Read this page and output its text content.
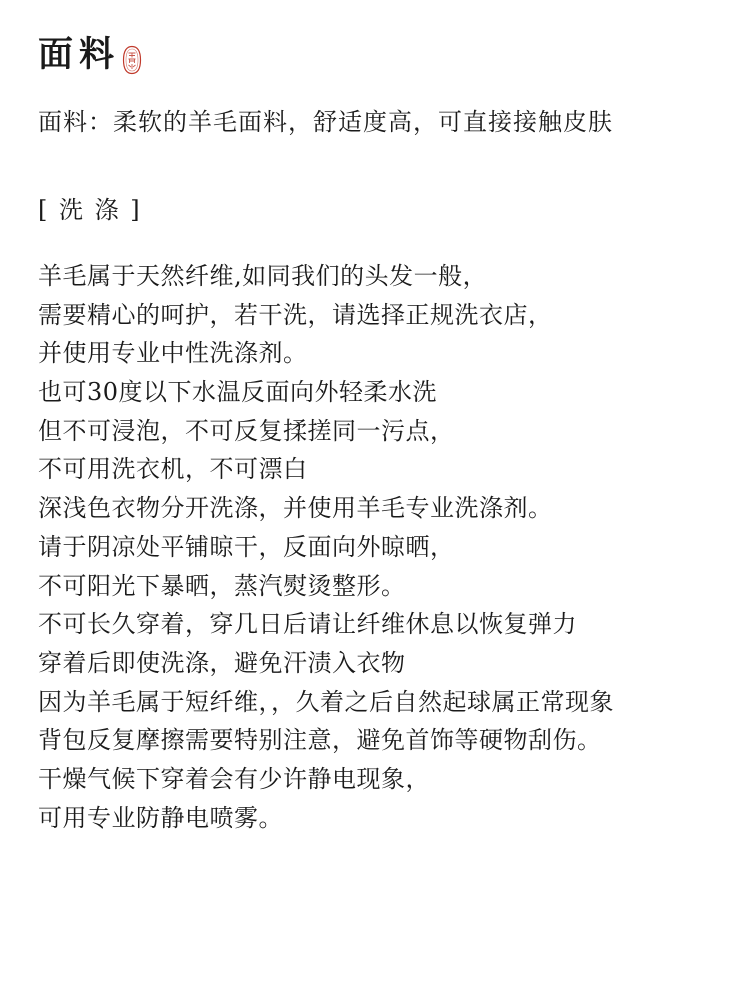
面料
面料：柔软的羊毛面料，舒适度高，可直接接触皮肤
[ 洗 涤 ]
羊毛属于天然纤维,如同我们的头发一般，
需要精心的呵护，若干洗，请选择正规洗衣店，
并使用专业中性洗涤剂。
也可30度以下水温反面向外轻柔水洗
但不可浸泡，不可反复揉搓同一污点，
不可用洗衣机，不可漂白
深浅色衣物分开洗涤，并使用羊毛专业洗涤剂。
请于阴凉处平铺晾干，反面向外晾晒，
不可阳光下暴晒，蒸汽熨烫整形。
不可长久穿着，穿几日后请让纤维休息以恢复弹力
穿着后即使洗涤，避免汗渍入衣物
因为羊毛属于短纤维，，久着之后自然起球属正常现象
背包反复摩擦需要特别注意，避免首饰等硬物刮伤。
干燥气候下穿着会有少许静电现象，
可用专业防静电喷雾。
